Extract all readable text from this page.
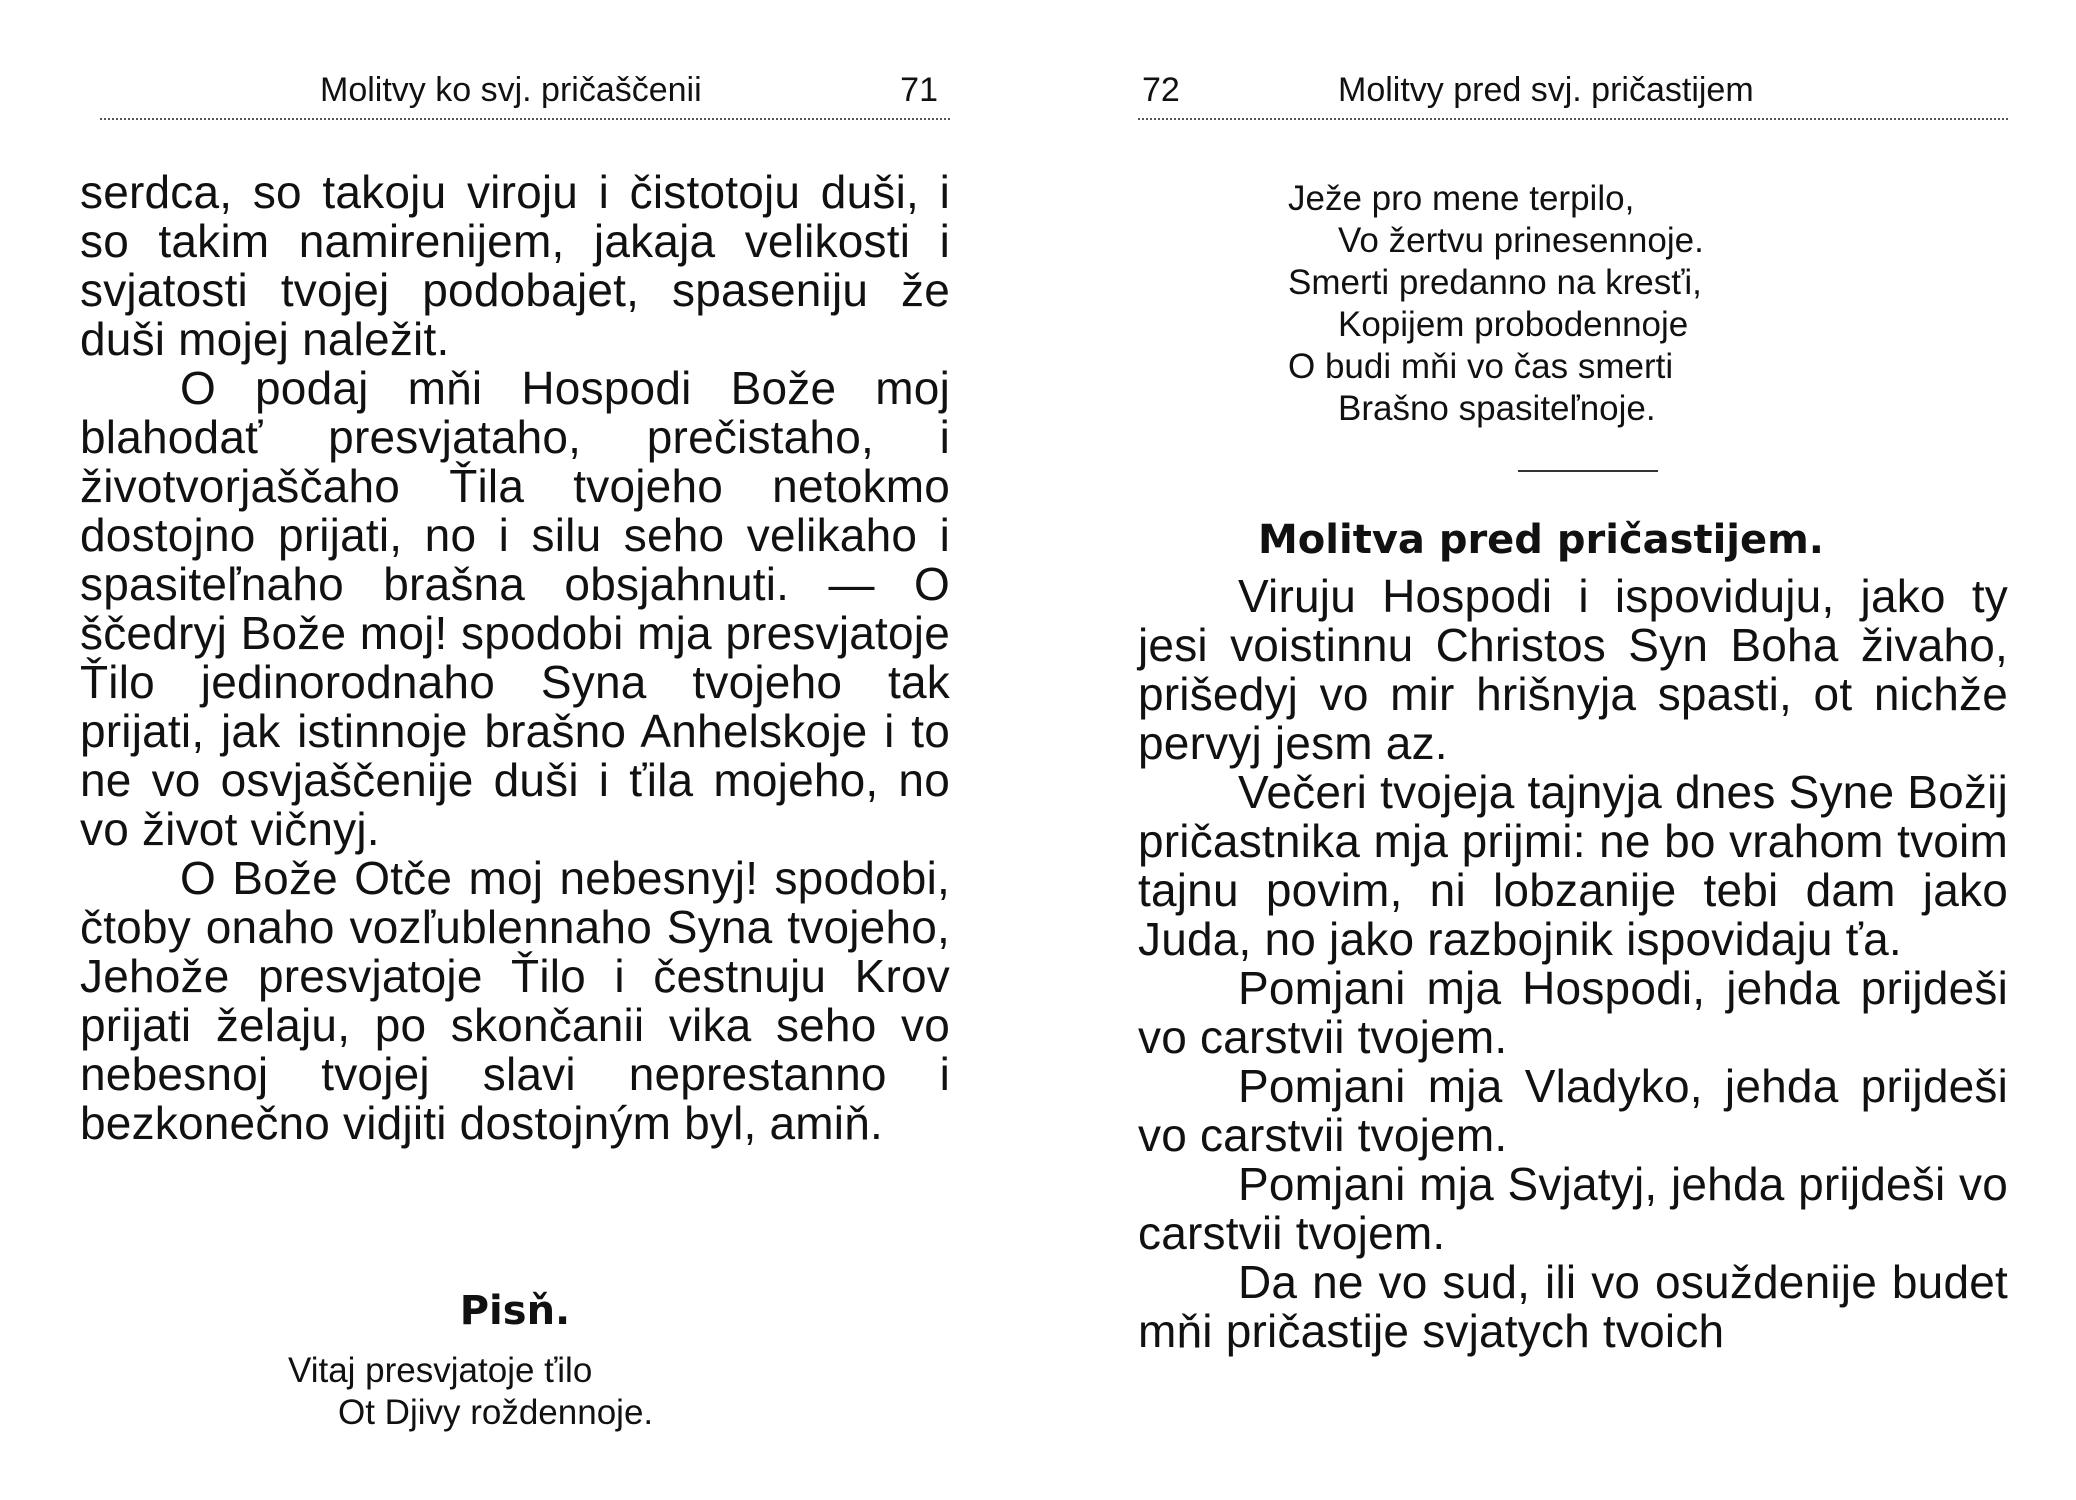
Molitvy ko svj. pričaščenii	71

serdca, so takoju viroju i čistotoju duši, i so takim namirenijem, jakaja velikosti i svjatosti tvojej podobajet, spaseniju že duši mojej naležit.

O podaj mňi Hospodi Bože moj blahodať presvjataho, prečistaho, i životvorjaščaho Ťila tvojeho netokmo dostojno prijati, no i silu seho velikaho i spasiteľnaho brašna obsjahnuti. — O ščedryj Bože moj! spodobi mja presvjatoje Ťilo jedinorodnaho Syna tvojeho tak prijati, jak istinnoje brašno Anhelskoje i to ne vo osvjaščenije duši i ťila mojeho, no vo život vičnyj.

O Bože Otče moj nebesnyj! spodobi, čtoby onaho vozľublennaho Syna tvojeho, Jehože presvjatoje Ťilo i čestnuju Krov prijati želaju, po skončanii vika seho vo nebesnoj tvojej slavi neprestanno i bezkonečno vidjiti dostojným byl, amiň.

Pisň.
Vitaj presvjatoje ťilo
Ot Djivy roždennoje.
72	Molitvy pred svj. pričastijem
Ježe pro mene terpilo,
Vo žertvu prinesennoje.
Smerti predanno na kresťi,
Kopijem probodennoje
O budi mňi vo čas smerti
Brašno spasiteľnoje.
Molitva pred pričastijem.

Viruju Hospodi i ispoviduju, jako ty jesi voistinnu Christos Syn Boha živaho, prišedyj vo mir hrišnyja spasti, ot nichže pervyj jesm az.

Večeri tvojeja tajnyja dnes Syne Božij pričastnika mja prijmi: ne bo vrahom tvoim tajnu povim, ni lobzanije tebi dam jako Juda, no jako razbojnik ispovidaju ťa.

Pomjani mja Hospodi, jehda prijdeši vo carstvii tvojem.

Pomjani mja Vladyko, jehda prijdeši vo carstvii tvojem.

Pomjani mja Svjatyj, jehda prijdeši vo carstvii tvojem.

Da ne vo sud, ili vo osuždenije budet mňi pričastije svjatych tvoich
